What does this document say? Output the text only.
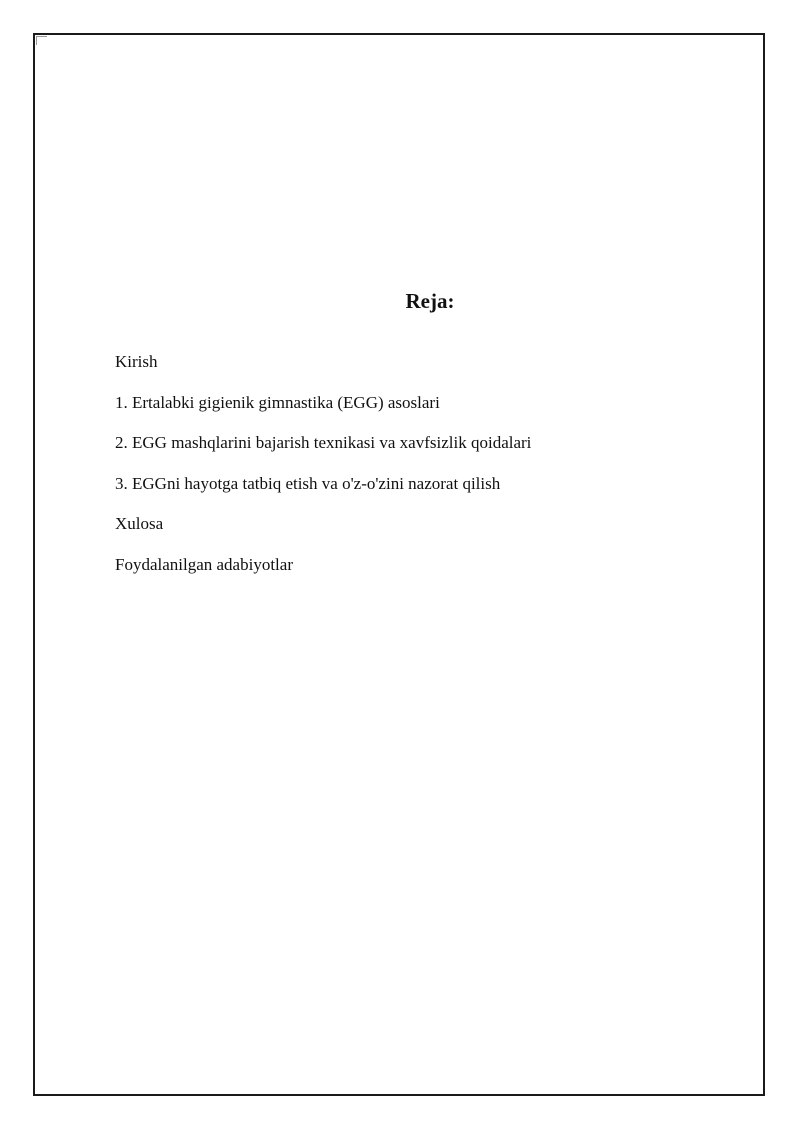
Reja:
Kirish
1. Ertalabki gigienik gimnastika (EGG) asoslari
2. EGG mashqlarini bajarish texnikasi va xavfsizlik qoidalari
3. EGGni hayotga tatbiq etish va o'z-o'zini nazorat qilish
Xulosa
Foydalanilgan adabiyotlar
